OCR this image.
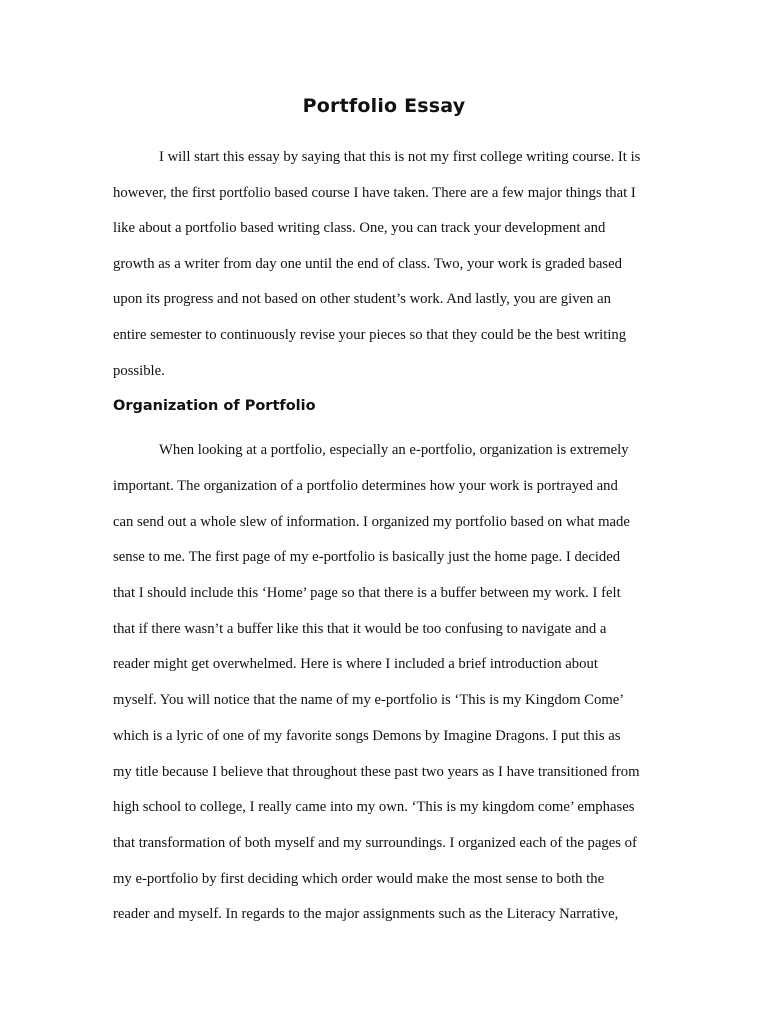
Portfolio Essay

I will start this essay by saying that this is not my first college writing course. It is

however, the first portfolio based course I have taken. There are a few major things that I

like about a portfolio based writing class. One, you can track your development and

growth as a writer from day one until the end of class. Two, your work is graded based

upon its progress and not based on other student’s work. And lastly, you are given an

entire semester to continuously revise your pieces so that they could be the best writing

possible.

Organization of Portfolio

When looking at a portfolio, especially an e-portfolio, organization is extremely

important. The organization of a portfolio determines how your work is portrayed and

can send out a whole slew of information. I organized my portfolio based on what made

sense to me. The first page of my e-portfolio is basically just the home page. I decided

that I should include this ‘Home’ page so that there is a buffer between my work. I felt

that if there wasn’t a buffer like this that it would be too confusing to navigate and a

reader might get overwhelmed. Here is where I included a brief introduction about

myself. You will notice that the name of my e-portfolio is ‘This is my Kingdom Come’

which is a lyric of one of my favorite songs Demons by Imagine Dragons. I put this as

my title because I believe that throughout these past two years as I have transitioned from

high school to college, I really came into my own. ‘This is my kingdom come’ emphases

that transformation of both myself and my surroundings. I organized each of the pages of

my e-portfolio by first deciding which order would make the most sense to both the

reader and myself. In regards to the major assignments such as the Literacy Narrative,
